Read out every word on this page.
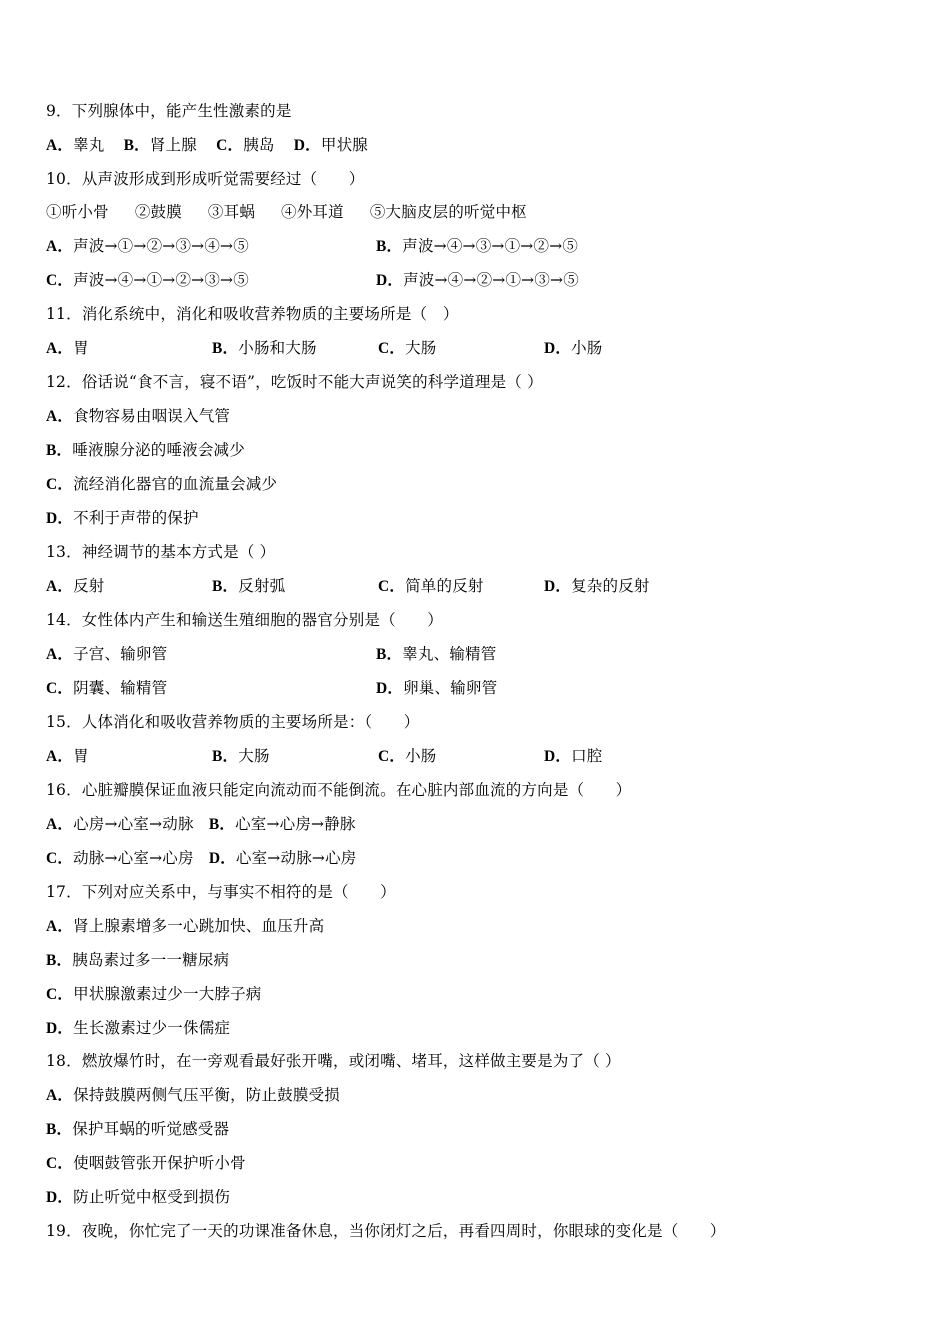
9．下列腺体中，能产生性激素的是
A．睾丸 B．肾上腺 C．胰岛 D．甲状腺
10．从声波形成到形成听觉需要经过（　　）
①听小骨 ②鼓膜 ③耳蜗 ④外耳道 ⑤大脑皮层的听觉中枢
A．声波→①→②→③→④→⑤	B．声波→④→③→①→②→⑤
C．声波→④→①→②→③→⑤	D．声波→④→②→①→③→⑤
11．消化系统中，消化和吸收营养物质的主要场所是（　）
A．胃	B．小肠和大肠	C．大肠	D．小肠
12．俗话说“食不言，寝不语”，吃饭时不能大声说笑的科学道理是（ ）
A．食物容易由咽误入气管
B．唾液腺分泌的唾液会减少
C．流经消化器官的血流量会减少
D．不利于声带的保护
13．神经调节的基本方式是（ ）
A．反射	B．反射弧	C．简单的反射	D．复杂的反射
14．女性体内产生和输送生殖细胞的器官分别是（　　）
A．子宫、输卵管	B．睾丸、输精管
C．阴囊、输精管	D．卵巢、输卵管
15．人体消化和吸收营养物质的主要场所是：（　　）
A．胃	B．大肠	C．小肠	D．口腔
16．心脏瓣膜保证血液只能定向流动而不能倒流。在心脏内部血流的方向是（　　）
A．心房→心室→动脉 B．心室→心房→静脉
C．动脉→心室→心房 D．心室→动脉→心房
17．下列对应关系中，与事实不相符的是（　　）
A．肾上腺素增多一心跳加快、血压升高
B．胰岛素过多一一糖尿病
C．甲状腺激素过少一大脖子病
D．生长激素过少一侏儒症
18．燃放爆竹时，在一旁观看最好张开嘴，或闭嘴、堵耳，这样做主要是为了（ ）
A．保持鼓膜两侧气压平衡，防止鼓膜受损
B．保护耳蜗的听觉感受器
C．使咽鼓管张开保护听小骨
D．防止听觉中枢受到损伤
19．夜晚，你忙完了一天的功课准备休息，当你闭灯之后，再看四周时，你眼球的变化是（　　）
